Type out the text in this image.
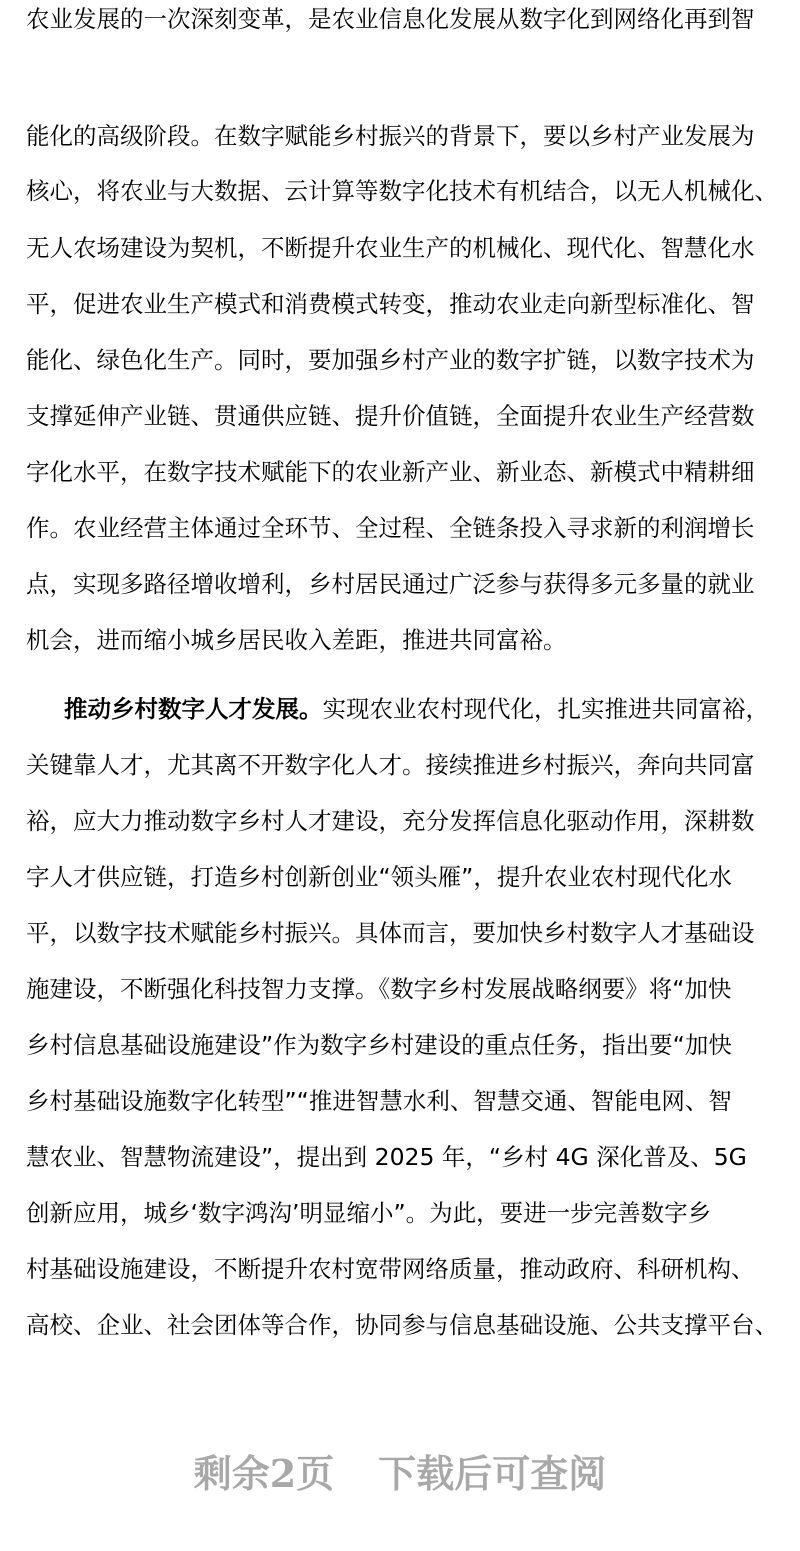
农业发展的一次深刻变革，是农业信息化发展从数字化到网络化再到智
能化的高级阶段。在数字赋能乡村振兴的背景下，要以乡村产业发展为
核心，将农业与大数据、云计算等数字化技术有机结合，以无人机械化、
无人农场建设为契机，不断提升农业生产的机械化、现代化、智慧化水
平，促进农业生产模式和消费模式转变，推动农业走向新型标准化、智
能化、绿色化生产。同时，要加强乡村产业的数字扩链，以数字技术为
支撑延伸产业链、贯通供应链、提升价值链，全面提升农业生产经营数
字化水平，在数字技术赋能下的农业新产业、新业态、新模式中精耕细
作。农业经营主体通过全环节、全过程、全链条投入寻求新的利润增长
点，实现多路径增收增利，乡村居民通过广泛参与获得多元多量的就业
机会，进而缩小城乡居民收入差距，推进共同富裕。
推动乡村数字人才发展。实现农业农村现代化，扎实推进共同富裕，
关键靠人才，尤其离不开数字化人才。接续推进乡村振兴，奔向共同富
裕，应大力推动数字乡村人才建设，充分发挥信息化驱动作用，深耕数
字人才供应链，打造乡村创新创业“领头雁”，提升农业农村现代化水
平，以数字技术赋能乡村振兴。具体而言，要加快乡村数字人才基础设
施建设，不断强化科技智力支撑。《数字乡村发展战略纲要》将“加快
乡村信息基础设施建设”作为数字乡村建设的重点任务，指出要“加快
乡村基础设施数字化转型”“推进智慧水利、智慧交通、智能电网、智
慧农业、智慧物流建设”，提出到 2025 年，“乡村 4G 深化普及、5G
创新应用，城乡‘数字鸿沟’明显缩小”。为此，要进一步完善数字乡
村基础设施建设，不断提升农村宽带网络质量，推动政府、科研机构、
高校、企业、社会团体等合作，协同参与信息基础设施、公共支撑平台、
剩余2页 下载后可查阅
